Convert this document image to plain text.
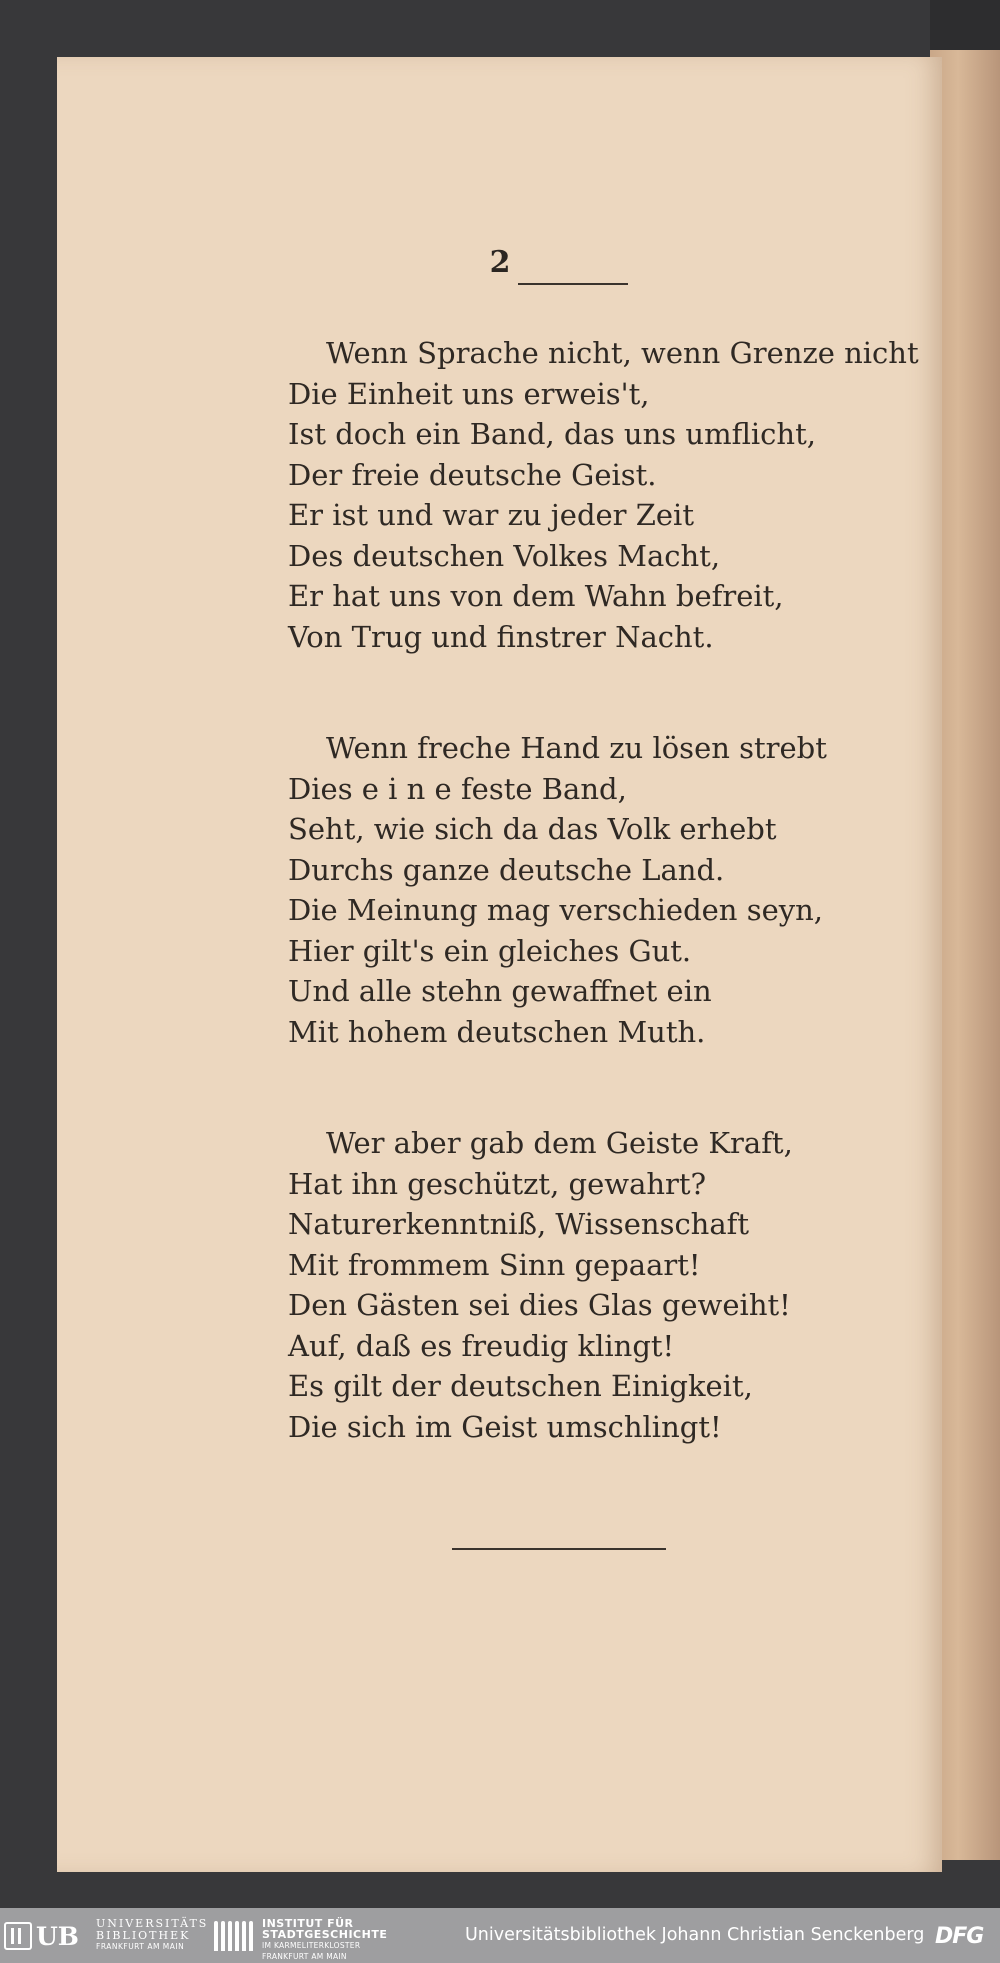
2
Wenn Sprache nicht, wenn Grenze nicht
Die Einheit uns erweis't,
Ist doch ein Band, das uns umflicht,
Der freie deutsche Geist.
Er ist und war zu jeder Zeit
Des deutschen Volkes Macht,
Er hat uns von dem Wahn befreit,
Von Trug und finstrer Nacht.
Wenn freche Hand zu lösen strebt
Dies e i n e feste Band,
Seht, wie sich da das Volk erhebt
Durchs ganze deutsche Land.
Die Meinung mag verschieden seyn,
Hier gilt's ein gleiches Gut.
Und alle stehn gewaffnet ein
Mit hohem deutschen Muth.
Wer aber gab dem Geiste Kraft,
Hat ihn geschützt, gewahrt?
Naturerkenntniß, Wissenschaft
Mit frommem Sinn gepaart!
Den Gästen sei dies Glas geweiht!
Auf, daß es freudig klingt!
Es gilt der deutschen Einigkeit,
Die sich im Geist umschlingt!
UB UNIVERSITÄTS
BIBLIOTHEK
FRANKFURT AM MAIN
INSTITUT FÜR
STADTGESCHICHTE
IM KARMELITERKLOSTER
FRANKFURT AM MAIN
Universitätsbibliothek Johann Christian Senckenberg DFG
